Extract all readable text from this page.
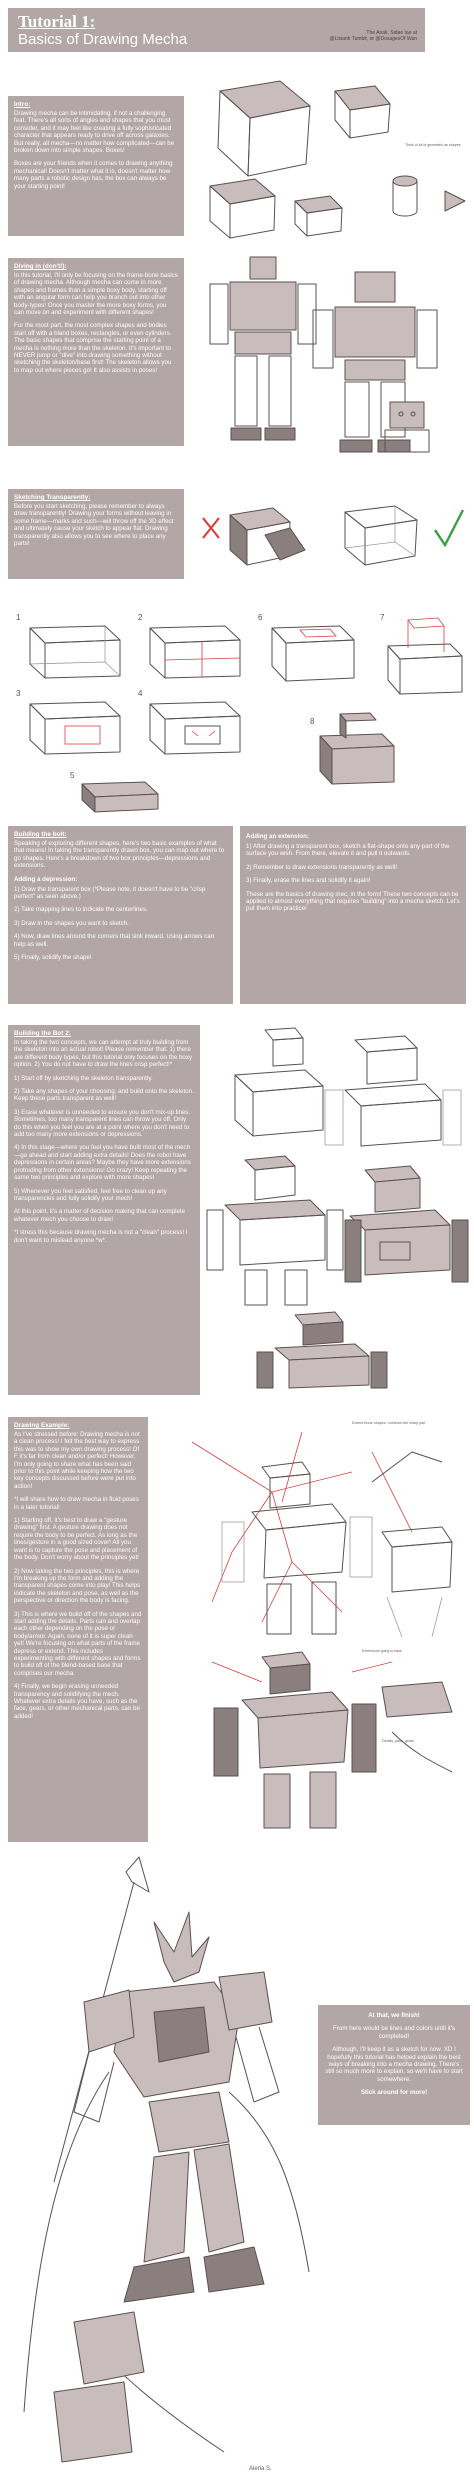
Tutorial 1:
Basics of Drawing Mecha	The Anak, Sidae tae at
@Lisianh Tumblr, or @DosagesOf Wan
Intro:

Drawing mecha can be intimidating, if not a challenging feat. There's all sorts of angles and shapes that you must consider, and it may feel like creating a fully sophisticated character that appears ready to drive off across galaxies. But really, all mecha—no matter how complicated—can be broken down into simple shapes. Boxes!

Boxes are your friends when it comes to drawing anything mechanical! Doesn't matter what it is, doesn't matter how many parts a robotic design has, the box can always be your starting point!

Think of all of geometric as shapes
Diving in (don't!):

In this tutorial, I'll only be focusing on the frame-bone basics of drawing mecha. Although mecha can come in more shapes and frames than a simple boxy body, starting off with an angular form can help you branch out into other body-types! Once you master the more boxy forms, you can move on and experiment with different shapes!

For the most part, the most complex shapes and bodies start off with a bland boxes, rectangles, or even cylinders. The basic shapes that comprise the starting point of a mecha is nothing more than the skeleton. It's important to NEVER jump or "dive" into drawing something without sketching the skeleton/base first! The skeleton allows you to map out where pieces go! It also assists in poses!

Sketching Transparently:

Before you start sketching, please remember to always draw transparently! Drawing your forms without leaving in some frame—marks and such—will throw off the 3D effect and ultimately cause your sketch to appear flat. Drawing transparently also allows you to see where to place any parts!

1	2
3	4
5
6	7
8
Building the bolt:

Speaking of exploring different shapes, here's two basic examples of what that means! In taking the transparently drawn box, you can map out where to go shapes. Here's a breakdown of two box principles—depressions and extensions.

Adding a depression:

1) Draw the transparent box (*Please note, it doesn't have to be "crisp perfect" as seen above.)

2) Take mapping lines to indicate the centerlines.

3) Draw in the shapes you want to sketch.

4) Now, draw lines around the corners that sink inward. Using arrows can help as well.

5) Finally, solidify the shape!

Adding an extension:

1) After drawing a transparent box, sketch a flat-shape onto any part of the surface you wish. From there, elevate it and pull it outwards.

2) Remember to draw extensions transparently as well!

3) Finally, erase the lines and solidify it again!

These are the basics of drawing mec, in the form! These two concepts can be applied to almost everything that requires "building" into a mecha sketch. Let's put them into practice!

Building the Bot 2:

In taking the two concepts, we can attempt at truly building from the skeleton into an actual robot! Please remember that: 1) there are different body types, but this tutorial only focuses on the boxy option. 2) You do not have to draw the lines crisp perfect!*

1) Start off by sketching the skeleton transparently.

2) Take any shapes of your choosing, and build onto the skeleton. Keep these parts transparent as well!

3) Erase whatever is unneeded to ensure you don't mix-up lines. Sometimes, too many transparent lines can throw you off. Only do this when you feel you are at a point where you don't need to add too many more extensions or depressions.

4) In this stage—where you feel you have built most of the mech—go ahead and start adding extra details! Does the robot have depressions in certain areas? Maybe they have more extensions protruding from other extensions! Go crazy! Keep repeating the same two principles and explore with more shapes!

5) Whenever you feel satisfied, feel free to clean up any transparencies and fully solidify your mech!

At this point, it's a matter of decision making that can complete whatever mech you choose to draw!

*I stress this because drawing mecha is not a "clean" process! I don't want to mislead anyone *w*.

Drawing Example:

As I've stressed before: Drawing mecha is not a clean process! I felt the best way to express this was to show my own drawing process! Of F it's far from clean and/or perfect! However, I'm only going to share what has been said prior to this point while keeping how the two key concepts discussed before were put into action!

*I will share how to draw mecha in fluid poses in a later tutorial!

1) Starting off, it's best to draw a "gesture drawing" first. A gesture drawing does not require the body to be perfect. As long as the lines/gesture in a good sized cover! All you want is to capture the pose and placement of the body. Don't worry about the principles yet!

2) Now taking the two principles, this is where I'm breaking up the form and adding the transparent shapes come into play! This helps indicate the skeleton and pose, as well as the perspective or direction the body is facing.

3) This is where we build off of the shapes and start adding the details. Parts can and overlap each other depending on the pose or body/armor. Again, none of it is super clean yet! We're focusing on what parts of the frame depress or extend. This includes experimenting with different shapes and forms to build off of the blend-based base that comprises our mecha.

4) Finally, we begin erasing unneeded transparency and solidifying the mech. Whatever extra details you have, such as the face, gears, or other mechanical parts, can be added!

Extend those shapes / continue the sharp part
Extensions going to back
Details, parts, gears
Aleria S.

At that, we finish!

From here would be lines and colors until it's completed!

Although, I'll keep it as a sketch for now. XD I hopefully this tutorial has helped explain the best ways of breaking into a mecha drawing. There's still so much more to explain, so we'll have to start somewhere.

Stick around for more!
